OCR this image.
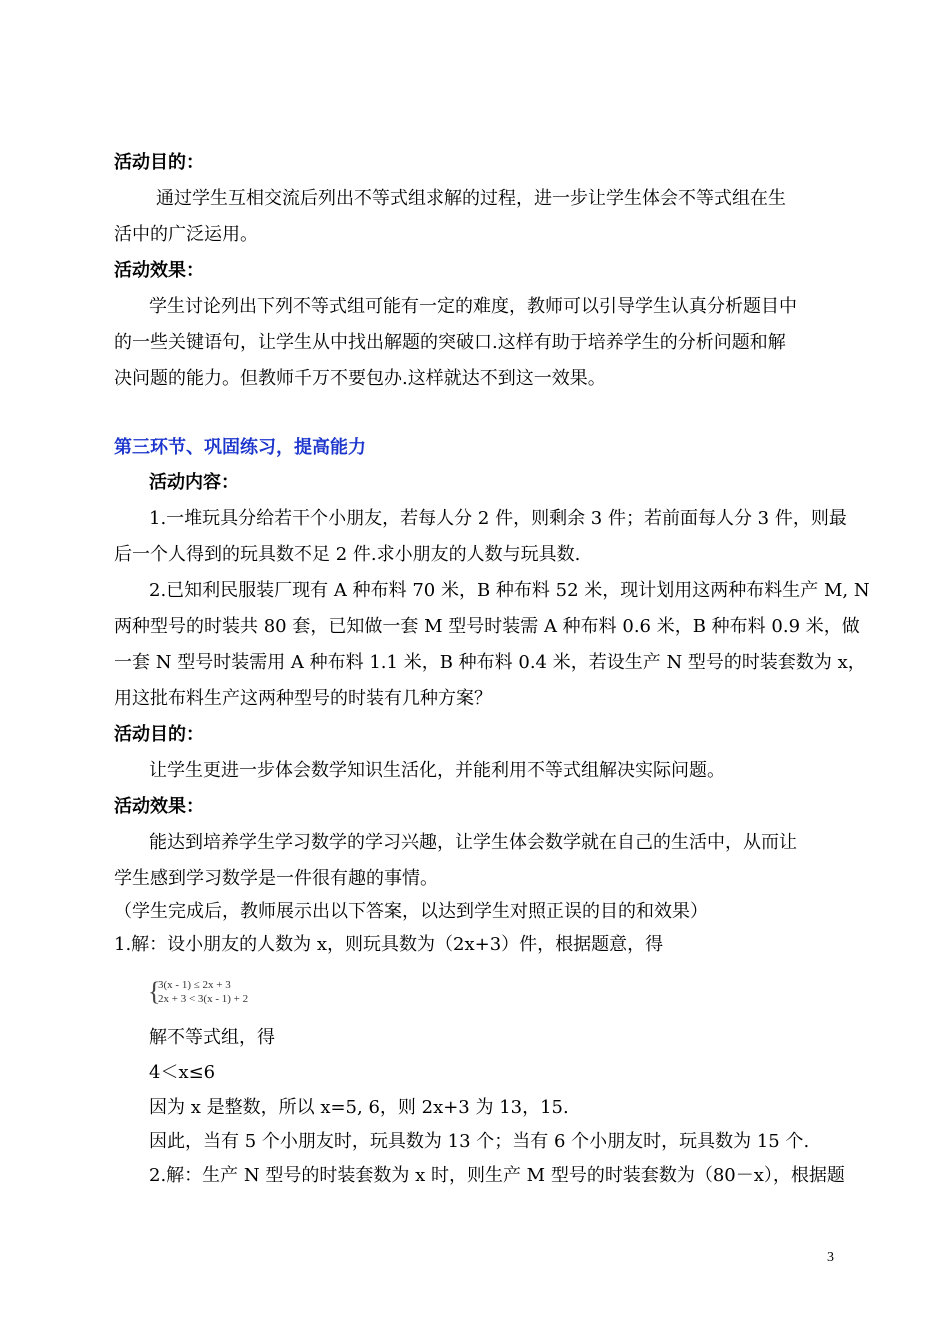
活动目的：
通过学生互相交流后列出不等式组求解的过程，进一步让学生体会不等式组在生
活中的广泛运用。
活动效果：
学生讨论列出下列不等式组可能有一定的难度，教师可以引导学生认真分析题目中
的一些关键语句，让学生从中找出解题的突破口.这样有助于培养学生的分析问题和解
决问题的能力。但教师千万不要包办.这样就达不到这一效果。
第三环节、巩固练习，提高能力
活动内容：
1.一堆玩具分给若干个小朋友，若每人分 2 件，则剩余 3 件；若前面每人分 3 件，则最
后一个人得到的玩具数不足 2 件.求小朋友的人数与玩具数.
2.已知利民服装厂现有 A 种布料 70 米，B 种布料 52 米，现计划用这两种布料生产 M, N
两种型号的时装共 80 套，已知做一套 M 型号时装需 A 种布料 0.6 米，B 种布料 0.9 米，做
一套 N 型号时装需用 A 种布料 1.1 米，B 种布料 0.4 米，若设生产 N 型号的时装套数为 x，
用这批布料生产这两种型号的时装有几种方案？
活动目的：
让学生更进一步体会数学知识生活化，并能利用不等式组解决实际问题。
活动效果：
能达到培养学生学习数学的学习兴趣，让学生体会数学就在自己的生活中，从而让
学生感到学习数学是一件很有趣的事情。
（学生完成后，教师展示出以下答案，以达到学生对照正误的目的和效果）
1.解：设小朋友的人数为 x，则玩具数为（2x+3）件，根据题意，得
{
3(x - 1) ≤ 2x + 3
2x + 3 < 3(x - 1) + 2
解不等式组，得
4＜x≤6
因为 x 是整数，所以 x=5, 6，则 2x+3 为 13，15.
因此，当有 5 个小朋友时，玩具数为 13 个；当有 6 个小朋友时，玩具数为 15 个.
2.解：生产 N 型号的时装套数为 x 时，则生产 M 型号的时装套数为（80－x），根据题
3
